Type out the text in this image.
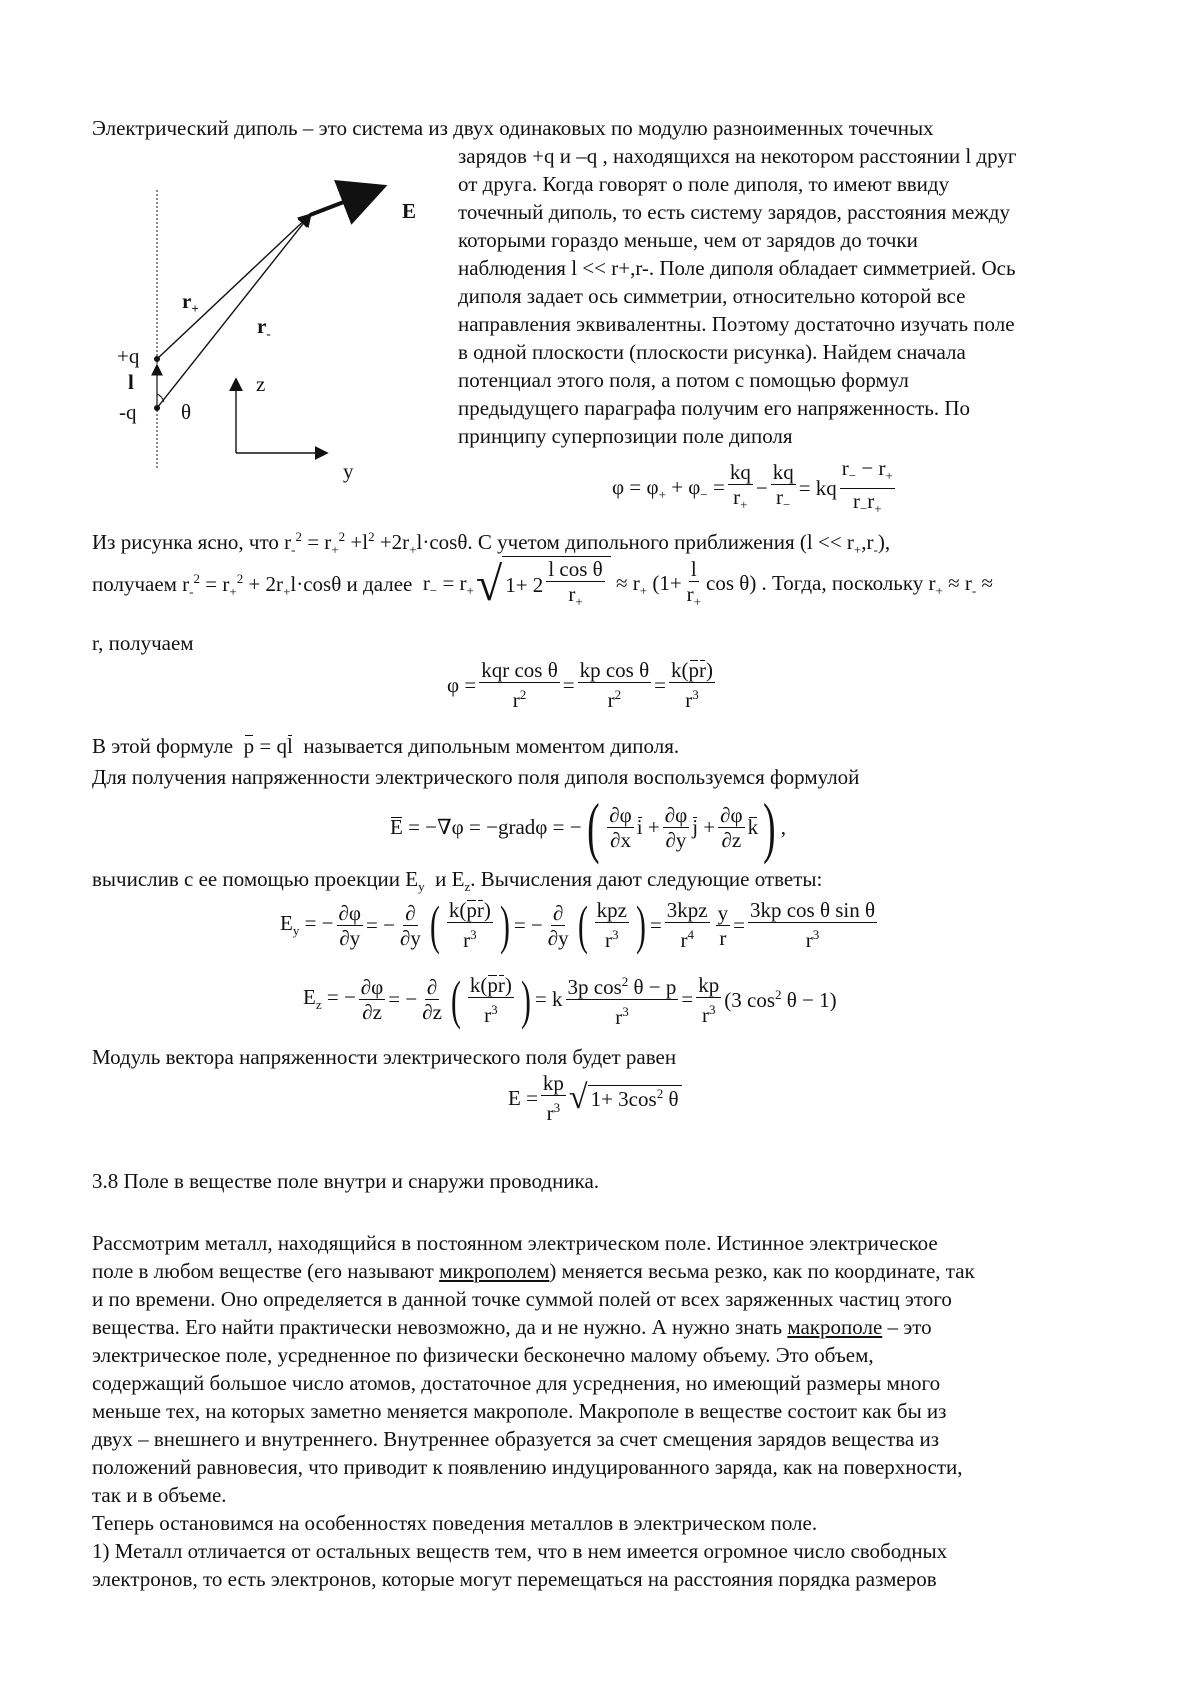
Электрический диполь – это система из двух одинаковых по модулю разноименных точечных
зарядов +q и –q , находящихся на некотором расстоянии l друг
от друга. Когда говорят о поле диполя, то имеют ввиду
точечный диполь, то есть систему зарядов, расстояния между
которыми гораздо меньше, чем от зарядов до точки
наблюдения l << r+,r-. Поле диполя обладает симметрией. Ось
диполя задает ось симметрии, относительно которой все
направления эквивалентны. Поэтому достаточно изучать поле
в одной плоскости (плоскости рисунка). Найдем сначала
потенциал этого поля, а потом с помощью формул
предыдущего параграфа получим его напряженность. По
принципу суперпозиции поле диполя
E
$r_+$
$r_-$
+q
l
-q θ
z
y
$\varphi = \varphi_+ + \varphi_- = \frac{kq}{r_+} - \frac{kq}{r_-}$ = kq $\frac{r_- - r_+}{r_-r_+}$
Из рисунка ясно, что $r_-^2 = r_+^2 +l^2 +2r_+l\cdot\cos\theta$. С учетом дипольного приближения $(l << r_+,r_-)$,
получаем $r_-^2 = r_+^2 + 2r_+l\cdot\cos\theta$ и далее $r_- = r_+$ √ $1+ 2 \frac{\text{l cos θ}}{r_+} \approx r_+$ ($1+ \frac{l}{r_+}$ cos θ) . Тогда, поскольку $r_+ \approx r_-$ ≈
r, получаем
$\varphi = \frac{\text{kqr cos θ}}{r^2} = \frac{\text{kp cos θ}}{r^2} = \frac{k(pr)}{r^3}$
В этой формуле p = ql называется дипольным моментом диполя.
Для получения напряженности электрического поля диполя воспользуемся формулой
E = −∇φ = −gradφ = − ( $\frac{\partial\varphi}{\partial x}$ $i + \frac{\partial\varphi}{\partial y}$ $j + \frac{\partial\varphi}{\partial z}$ k ) ,
вычислив с ее помощью проекции $E_y$  и $E_z$. Вычисления дают следующие ответы:
$E_y$ = − $\frac{\partial\varphi}{\partial y}$ = − $\frac{\partial}{\partial y}$ ( $\frac{k(pr)}{r^3}$ ) = − $\frac{\partial}{\partial y}$ ( $\frac{\text{kpz}}{r^3}$ ) = $\frac{\text{3kpz}}{r^4} \frac{y}{r} = \frac{\text{3kp cos θ sin θ}}{r^3}$
$E_z$ = − $\frac{\partial\varphi}{\partial z}$ = − $\frac{\partial}{\partial z}$ ( $\frac{k(pr)}{r^3}$ ) = k $\frac{3p \cos^2 \theta - p}{r^3} = \frac{kp}{r^3} (3$ $\cos^2 \theta - 1$)
Модуль вектора напряженности электрического поля будет равен
$E = \frac{kp}{r^3}$ √ $1+ 3\cos^2$ θ
3.8 Поле в веществе поле внутри и снаружи проводника.
Рассмотрим металл, находящийся в постоянном электрическом поле. Истинное электрическое
поле в любом веществе (его называют микрополем) меняется весьма резко, как по координате, так
и по времени. Оно определяется в данной точке суммой полей от всех заряженных частиц этого
вещества. Его найти практически невозможно, да и не нужно. А нужно знать макрополе – это
электрическое поле, усредненное по физически бесконечно малому объему. Это объем,
содержащий большое число атомов, достаточное для усреднения, но имеющий размеры много
меньше тех, на которых заметно меняется макрополе. Макрополе в веществе состоит как бы из
двух – внешнего и внутреннего. Внутреннее образуется за счет смещения зарядов вещества из
положений равновесия, что приводит к появлению индуцированного заряда, как на поверхности,
так и в объеме.
Теперь остановимся на особенностях поведения металлов в электрическом поле.
1) Металл отличается от остальных веществ тем, что в нем имеется огромное число свободных
электронов, то есть электронов, которые могут перемещаться на расстояния порядка размеров
